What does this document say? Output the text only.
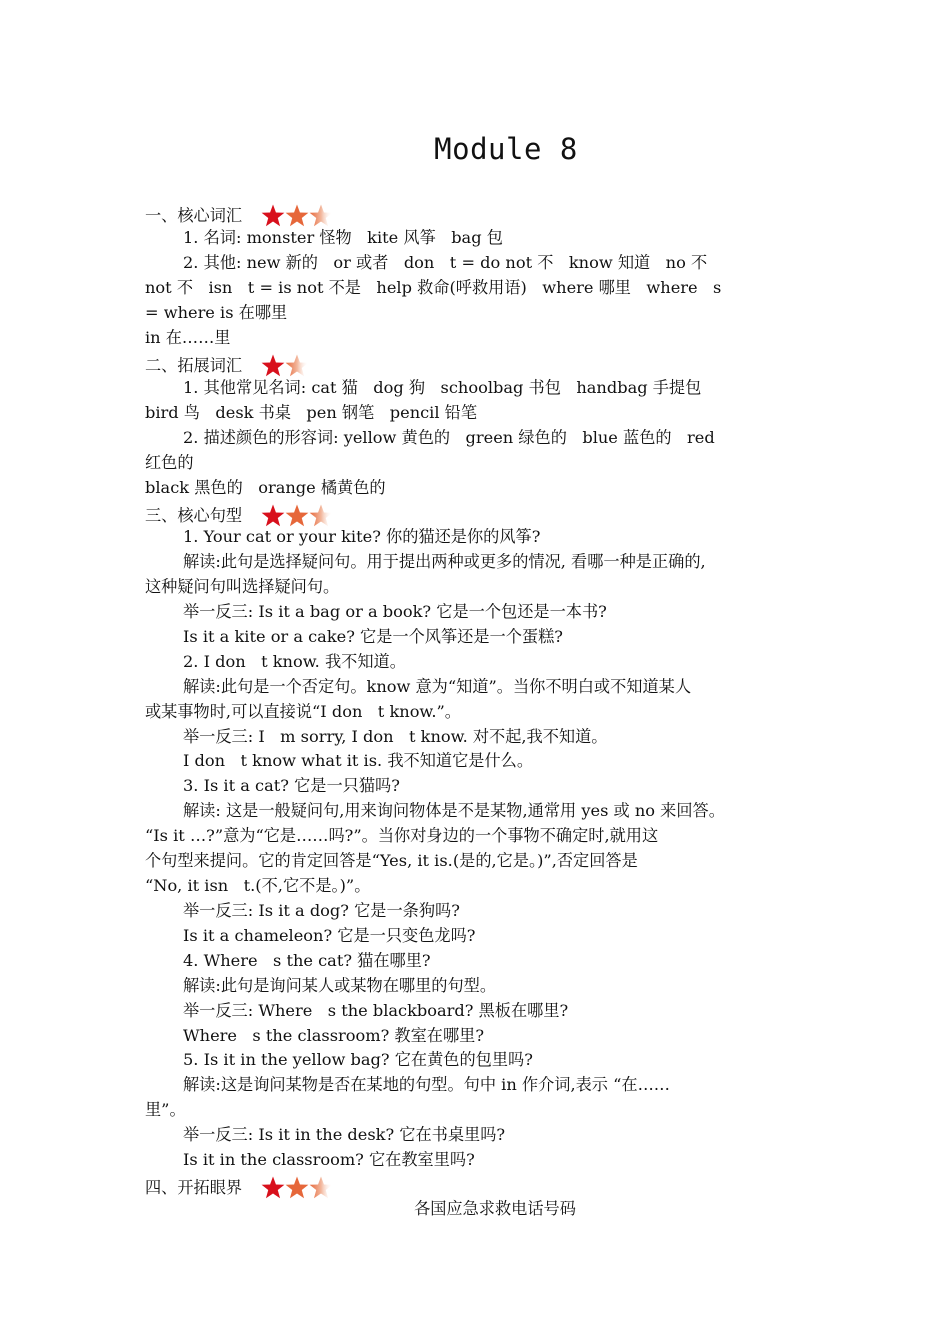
Module 8
一、核心词汇
1. 名词: monster 怪物   kite 风筝   bag 包
2. 其他: new 新的   or 或者   don   t = do not 不   know 知道   no 不
not 不   isn   t = is not 不是   help 救命(呼救用语)   where 哪里   where   s
= where is 在哪里
in 在……里
二、拓展词汇
1. 其他常见名词: cat 猫   dog 狗   schoolbag 书包   handbag 手提包
bird 鸟   desk 书桌   pen 钢笔   pencil 铅笔
2. 描述颜色的形容词: yellow 黄色的   green 绿色的   blue 蓝色的   red
红色的
black 黑色的   orange 橘黄色的
三、核心句型
1. Your cat or your kite? 你的猫还是你的风筝?
解读:此句是选择疑问句。用于提出两种或更多的情况, 看哪一种是正确的,
这种疑问句叫选择疑问句。
举一反三: Is it a bag or a book? 它是一个包还是一本书?
Is it a kite or a cake? 它是一个风筝还是一个蛋糕?
2. I don   t know. 我不知道。
解读:此句是一个否定句。know 意为“知道”。当你不明白或不知道某人
或某事物时,可以直接说“I don   t know.”。
举一反三: I   m sorry, I don   t know. 对不起,我不知道。
I don   t know what it is. 我不知道它是什么。
3. Is it a cat? 它是一只猫吗?
解读: 这是一般疑问句,用来询问物体是不是某物,通常用 yes 或 no 来回答。
“Is it …?”意为“它是……吗?”。当你对身边的一个事物不确定时,就用这
个句型来提问。它的肯定回答是“Yes, it is.(是的,它是。)”,否定回答是
“No, it isn   t.(不,它不是。)”。
举一反三: Is it a dog? 它是一条狗吗?
Is it a chameleon? 它是一只变色龙吗?
4. Where   s the cat? 猫在哪里?
解读:此句是询问某人或某物在哪里的句型。
举一反三: Where   s the blackboard? 黑板在哪里?
Where   s the classroom? 教室在哪里?
5. Is it in the yellow bag? 它在黄色的包里吗?
解读:这是询问某物是否在某地的句型。句中 in 作介词,表示 “在……
里”。
举一反三: Is it in the desk? 它在书桌里吗?
Is it in the classroom? 它在教室里吗?
四、开拓眼界
各国应急求救电话号码
